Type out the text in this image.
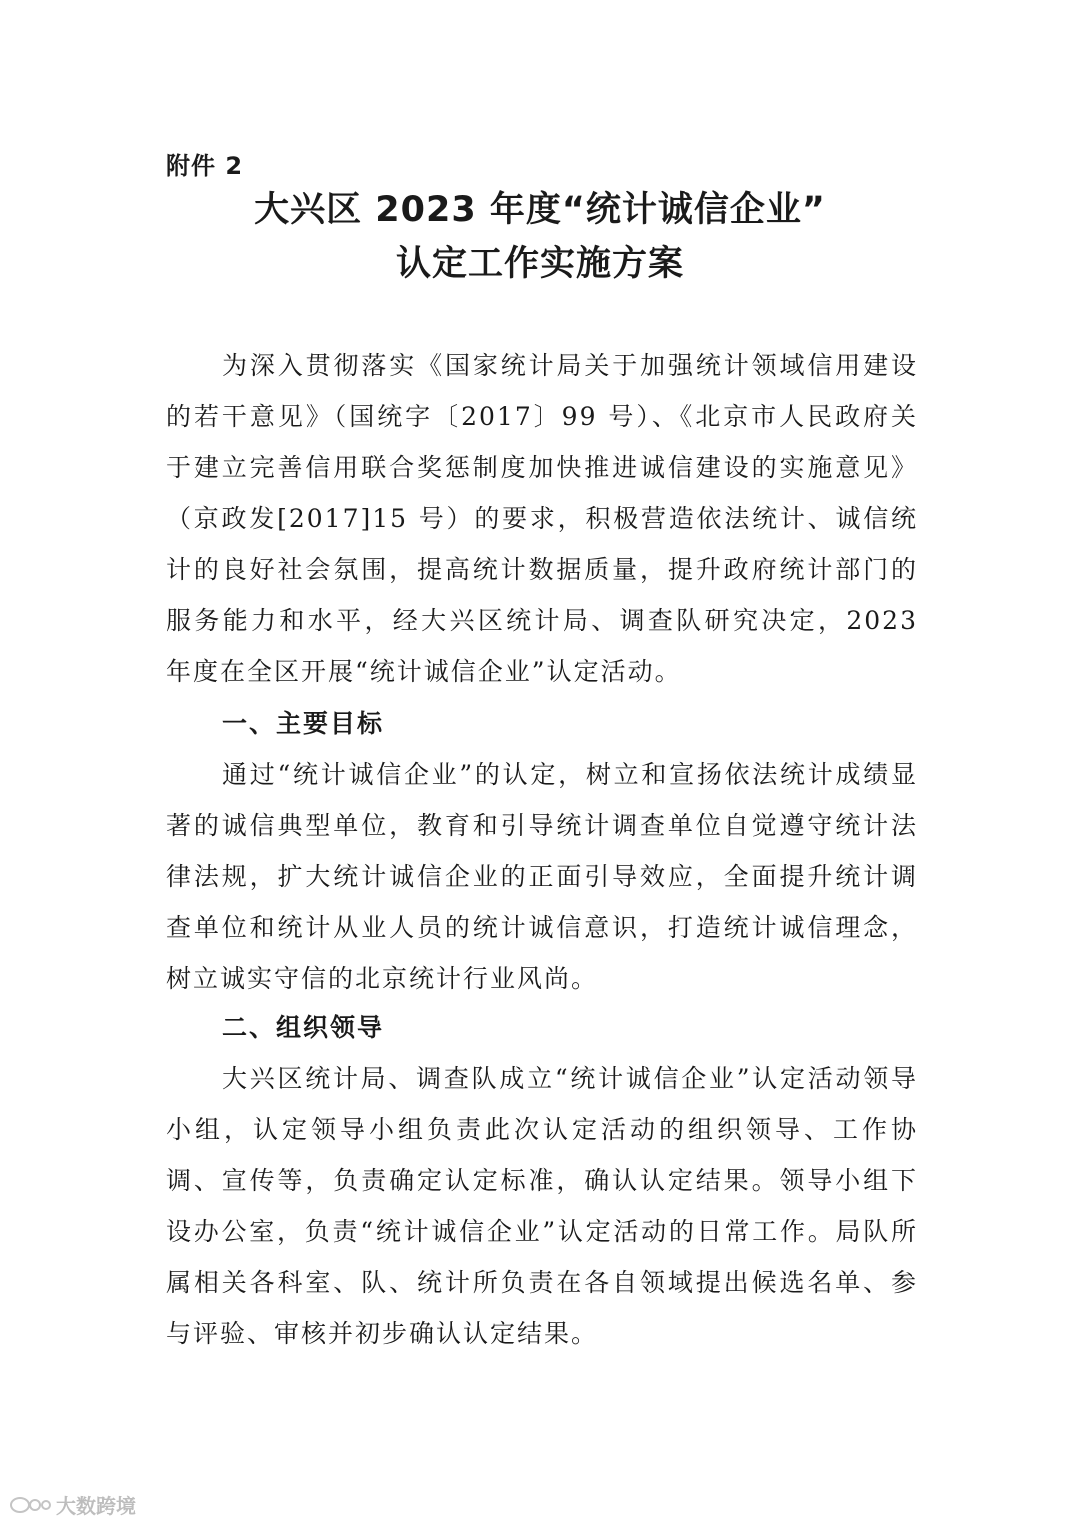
附件 2
大兴区 2023 年度“统计诚信企业”
认定工作实施方案

为深入贯彻落实《国家统计局关于加强统计领域信用建设的若干意见》（国统字〔2017〕99 号）、《北京市人民政府关于建立完善信用联合奖惩制度加快推进诚信建设的实施意见》（京政发[2017]15 号）的要求，积极营造依法统计、诚信统计的良好社会氛围，提高统计数据质量，提升政府统计部门的服务能力和水平，经大兴区统计局、调查队研究决定，2023 年度在全区开展“统计诚信企业”认定活动。

一、主要目标

通过“统计诚信企业”的认定，树立和宣扬依法统计成绩显著的诚信典型单位，教育和引导统计调查单位自觉遵守统计法律法规，扩大统计诚信企业的正面引导效应，全面提升统计调查单位和统计从业人员的统计诚信意识，打造统计诚信理念，树立诚实守信的北京统计行业风尚。

二、组织领导

大兴区统计局、调查队成立“统计诚信企业”认定活动领导小组，认定领导小组负责此次认定活动的组织领导、工作协调、宣传等，负责确定认定标准，确认认定结果。领导小组下设办公室，负责“统计诚信企业”认定活动的日常工作。局队所属相关各科室、队、统计所负责在各自领域提出候选名单、参与评验、审核并初步确认认定结果。

大数跨境
